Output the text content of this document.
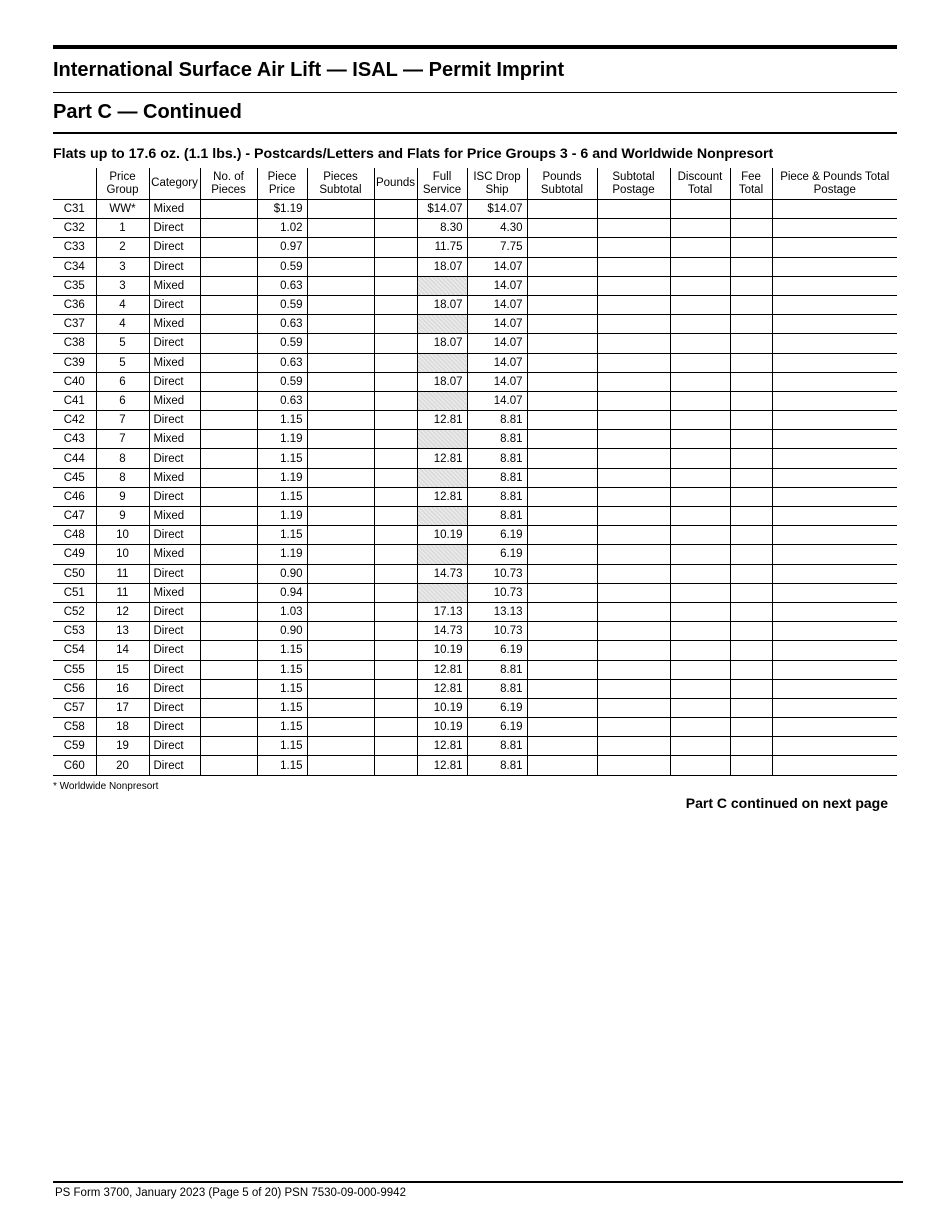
International Surface Air Lift — ISAL — Permit Imprint
Part C — Continued
Flats up to 17.6 oz. (1.1 lbs.) - Postcards/Letters and Flats for Price Groups 3 - 6 and Worldwide Nonpresort
	Price Group	Category	No. of Pieces	Piece Price	Pieces Subtotal	Pounds	Full Service	ISC Drop Ship	Pounds Subtotal	Subtotal Postage	Discount Total	Fee Total	Piece & Pounds Total Postage
C31	WW*	Mixed		$1.19			$14.07	$14.07					
C32	1	Direct		1.02			8.30	4.30					
C33	2	Direct		0.97			11.75	7.75					
C34	3	Direct		0.59			18.07	14.07					
C35	3	Mixed		0.63				14.07					
C36	4	Direct		0.59			18.07	14.07					
C37	4	Mixed		0.63				14.07					
C38	5	Direct		0.59			18.07	14.07					
C39	5	Mixed		0.63				14.07					
C40	6	Direct		0.59			18.07	14.07					
C41	6	Mixed		0.63				14.07					
C42	7	Direct		1.15			12.81	8.81					
C43	7	Mixed		1.19				8.81					
C44	8	Direct		1.15			12.81	8.81					
C45	8	Mixed		1.19				8.81					
C46	9	Direct		1.15			12.81	8.81					
C47	9	Mixed		1.19				8.81					
C48	10	Direct		1.15			10.19	6.19					
C49	10	Mixed		1.19				6.19					
C50	11	Direct		0.90			14.73	10.73					
C51	11	Mixed		0.94				10.73					
C52	12	Direct		1.03			17.13	13.13					
C53	13	Direct		0.90			14.73	10.73					
C54	14	Direct		1.15			10.19	6.19					
C55	15	Direct		1.15			12.81	8.81					
C56	16	Direct		1.15			12.81	8.81					
C57	17	Direct		1.15			10.19	6.19					
C58	18	Direct		1.15			10.19	6.19					
C59	19	Direct		1.15			12.81	8.81					
C60	20	Direct		1.15			12.81	8.81					
* Worldwide Nonpresort
Part C continued on next page
PS Form 3700, January 2023 (Page 5 of 20) PSN 7530-09-000-9942
